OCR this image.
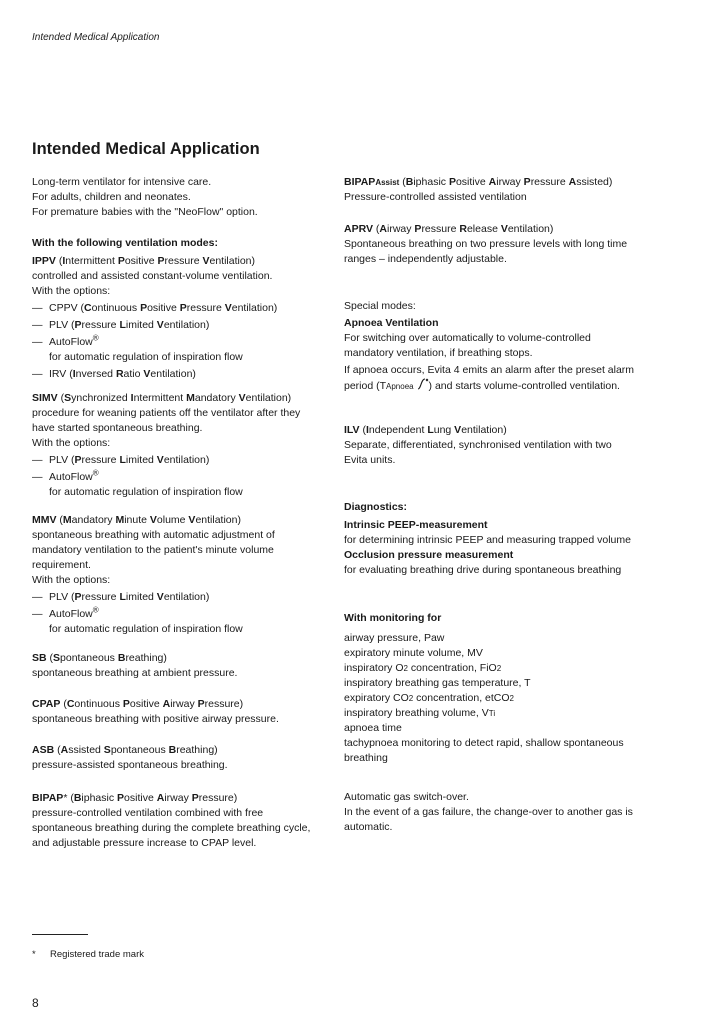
Intended Medical Application
Intended Medical Application

Long-term ventilator for intensive care.

For adults, children and neonates.

For premature babies with the "NeoFlow" option.

With the following ventilation modes:

IPPV (Intermittent Positive Pressure Ventilation)

controlled and assisted constant-volume ventilation.

With the options:

— CPPV (Continuous Positive Pressure Ventilation)
— PLV (Pressure Limited Ventilation)
— AutoFlow®
for automatic regulation of inspiration flow
— IRV (Inversed Ratio Ventilation)

SIMV (Synchronized Intermittent Mandatory Ventilation)

procedure for weaning patients off the ventilator after they

have started spontaneous breathing.

With the options:

— PLV (Pressure Limited Ventilation)
— AutoFlow®
for automatic regulation of inspiration flow

MMV (Mandatory Minute Volume Ventilation)

spontaneous breathing with automatic adjustment of

mandatory ventilation to the patient's minute volume

requirement.

With the options:

— PLV (Pressure Limited Ventilation)
— AutoFlow®
for automatic regulation of inspiration flow

SB (Spontaneous Breathing)

spontaneous breathing at ambient pressure.

CPAP (Continuous Positive Airway Pressure)

spontaneous breathing with positive airway pressure.

ASB (Assisted Spontaneous Breathing)

pressure-assisted spontaneous breathing.

BIPAP* (Biphasic Positive Airway Pressure)

pressure-controlled ventilation combined with free

spontaneous breathing during the complete breathing cycle,

and adjustable pressure increase to CPAP level.

BIPAPAssist (Biphasic Positive Airway Pressure Assisted)

Pressure-controlled assisted ventilation

APRV (Airway Pressure Release Ventilation)

Spontaneous breathing on two pressure levels with long time

ranges – independently adjustable.

Special modes:

Apnoea Ventilation

For switching over automatically to volume-controlled

mandatory ventilation, if breathing stops.

If apnoea occurs, Evita 4 emits an alarm after the preset alarm

period (TApnoea ) and starts volume-controlled ventilation.

ILV (Independent Lung Ventilation)

Separate, differentiated, synchronised ventilation with two

Evita units.

Diagnostics:

Intrinsic PEEP-measurement

for determining intrinsic PEEP and measuring trapped volume

Occlusion pressure measurement

for evaluating breathing drive during spontaneous breathing

With monitoring for

airway pressure, Paw

expiratory minute volume, MV

inspiratory O2 concentration, FiO2

inspiratory breathing gas temperature, T

expiratory CO2 concentration, etCO2

inspiratory breathing volume, VTi

apnoea time

tachypnoea monitoring to detect rapid, shallow spontaneous

breathing

Automatic gas switch-over.

In the event of a gas failure, the change-over to another gas is

automatic.

* Registered trade mark
8
